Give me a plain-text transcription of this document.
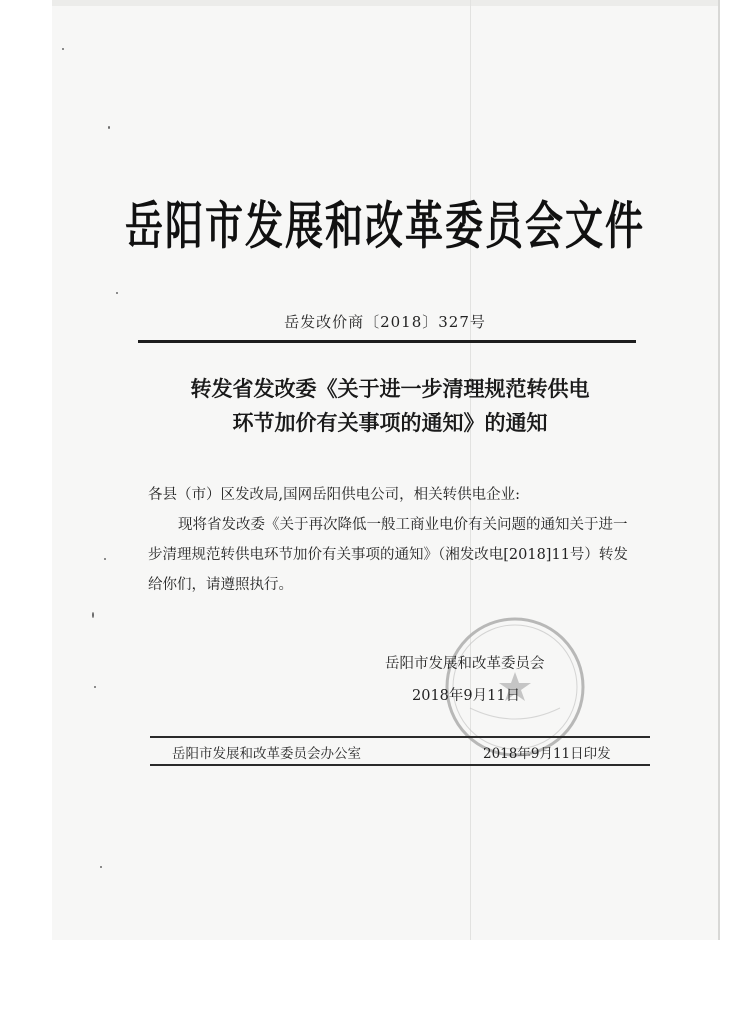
岳阳市发展和改革委员会文件
岳发改价商〔2018〕327号
转发省发改委《关于进一步清理规范转供电
环节加价有关事项的通知》的通知

各县（市）区发改局,国网岳阳供电公司，相关转供电企业:

现将省发改委《关于再次降低一般工商业电价有关问题的通知关于进一步清理规范转供电环节加价有关事项的通知》（湘发改电[2018]11号）转发给你们，请遵照执行。

岳阳市发展和改革委员会
2018年9月11日
岳阳市发展和改革委员会办公室	2018年9月11日印发
